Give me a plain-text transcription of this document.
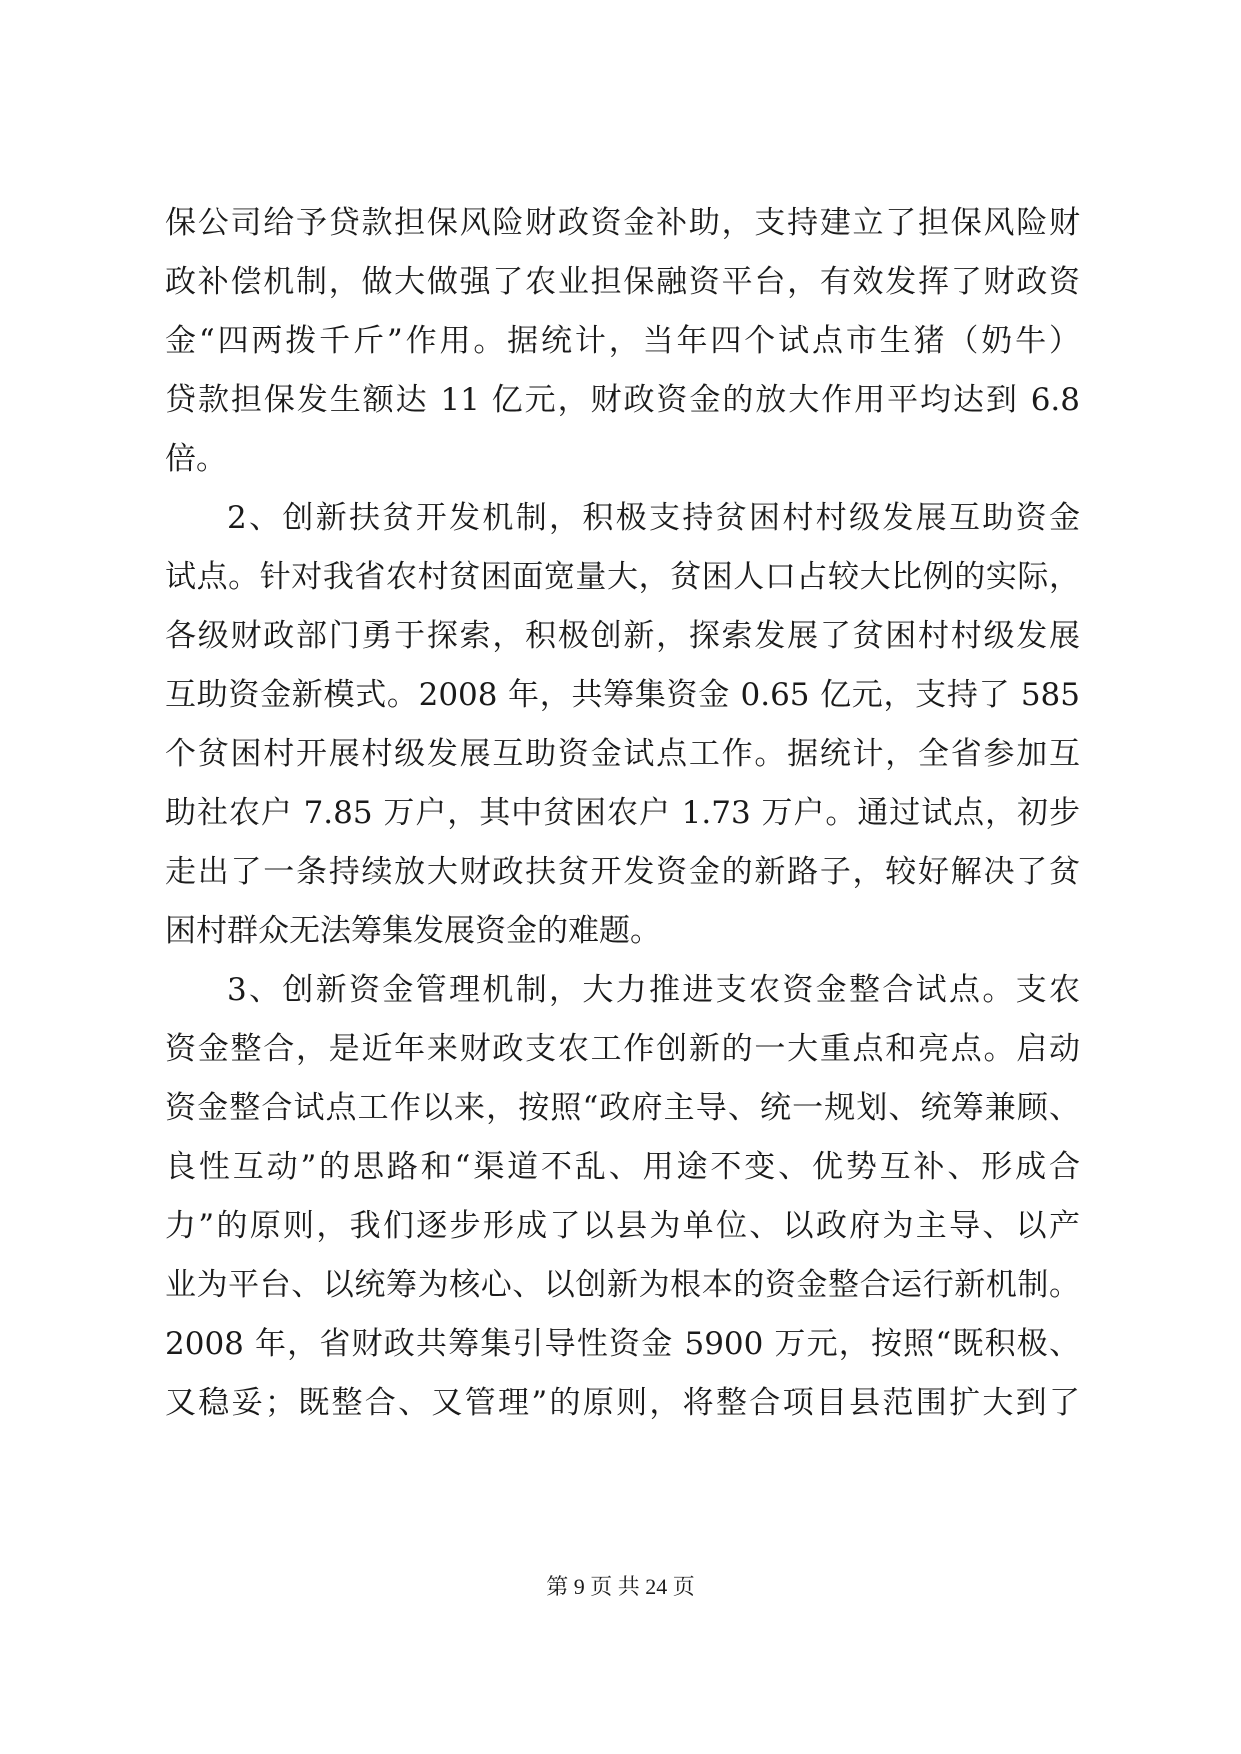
保公司给予贷款担保风险财政资金补助，支持建立了担保风险财
政补偿机制，做大做强了农业担保融资平台，有效发挥了财政资
金“四两拨千斤”作用。据统计，当年四个试点市生猪（奶牛）
贷款担保发生额达 11 亿元，财政资金的放大作用平均达到 6.8
倍。
2、创新扶贫开发机制，积极支持贫困村村级发展互助资金
试点。针对我省农村贫困面宽量大，贫困人口占较大比例的实际，
各级财政部门勇于探索，积极创新，探索发展了贫困村村级发展
互助资金新模式。2008 年，共筹集资金 0.65 亿元，支持了 585
个贫困村开展村级发展互助资金试点工作。据统计，全省参加互
助社农户 7.85 万户，其中贫困农户 1.73 万户。通过试点，初步
走出了一条持续放大财政扶贫开发资金的新路子，较好解决了贫
困村群众无法筹集发展资金的难题。
3、创新资金管理机制，大力推进支农资金整合试点。支农
资金整合，是近年来财政支农工作创新的一大重点和亮点。启动
资金整合试点工作以来，按照“政府主导、统一规划、统筹兼顾、
良性互动”的思路和“渠道不乱、用途不变、优势互补、形成合
力”的原则，我们逐步形成了以县为单位、以政府为主导、以产
业为平台、以统筹为核心、以创新为根本的资金整合运行新机制。
2008 年，省财政共筹集引导性资金 5900 万元，按照“既积极、
又稳妥；既整合、又管理”的原则，将整合项目县范围扩大到了
第 9 页 共 24 页
